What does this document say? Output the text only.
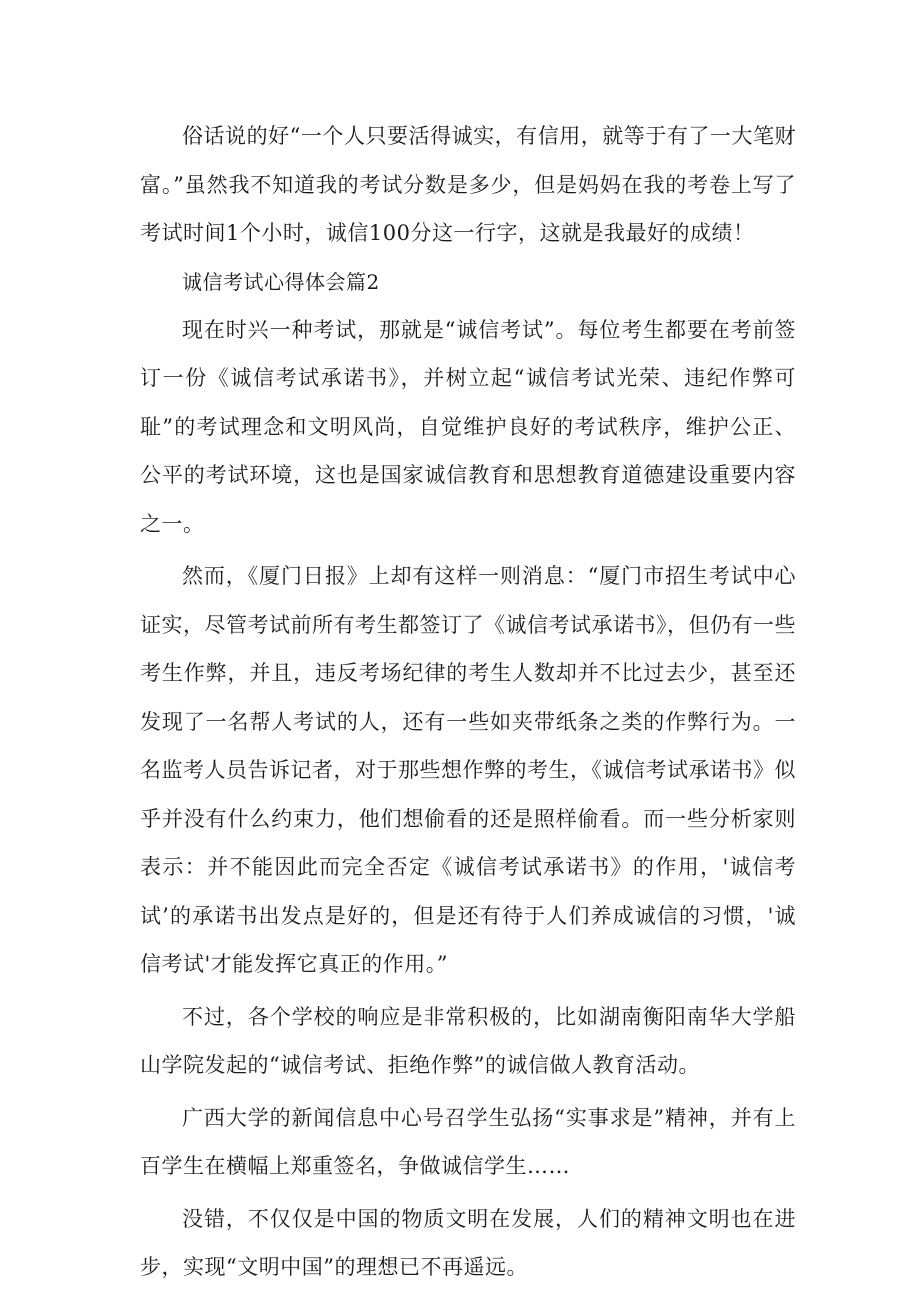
俗话说的好“一个人只要活得诚实，有信用，就等于有了一大笔财富。”虽然我不知道我的考试分数是多少，但是妈妈在我的考卷上写了考试时间1个小时，诚信100分这一行字，这就是我最好的成绩！

诚信考试心得体会篇2

现在时兴一种考试，那就是“诚信考试”。每位考生都要在考前签订一份《诚信考试承诺书》，并树立起“诚信考试光荣、违纪作弊可耻”的考试理念和文明风尚，自觉维护良好的考试秩序，维护公正、公平的考试环境，这也是国家诚信教育和思想教育道德建设重要内容之一。

然而，《厦门日报》上却有这样一则消息：“厦门市招生考试中心证实，尽管考试前所有考生都签订了《诚信考试承诺书》，但仍有一些考生作弊，并且，违反考场纪律的考生人数却并不比过去少，甚至还发现了一名帮人考试的人，还有一些如夹带纸条之类的作弊行为。一名监考人员告诉记者，对于那些想作弊的考生，《诚信考试承诺书》似乎并没有什么约束力，他们想偷看的还是照样偷看。而一些分析家则表示：并不能因此而完全否定《诚信考试承诺书》的作用，'诚信考试’的承诺书出发点是好的，但是还有待于人们养成诚信的习惯，'诚信考试'才能发挥它真正的作用。”

不过，各个学校的响应是非常积极的，比如湖南衡阳南华大学船山学院发起的“诚信考试、拒绝作弊”的诚信做人教育活动。

广西大学的新闻信息中心号召学生弘扬“实事求是”精神，并有上百学生在横幅上郑重签名，争做诚信学生……

没错，不仅仅是中国的物质文明在发展，人们的精神文明也在进步，实现“文明中国”的理想已不再遥远。
